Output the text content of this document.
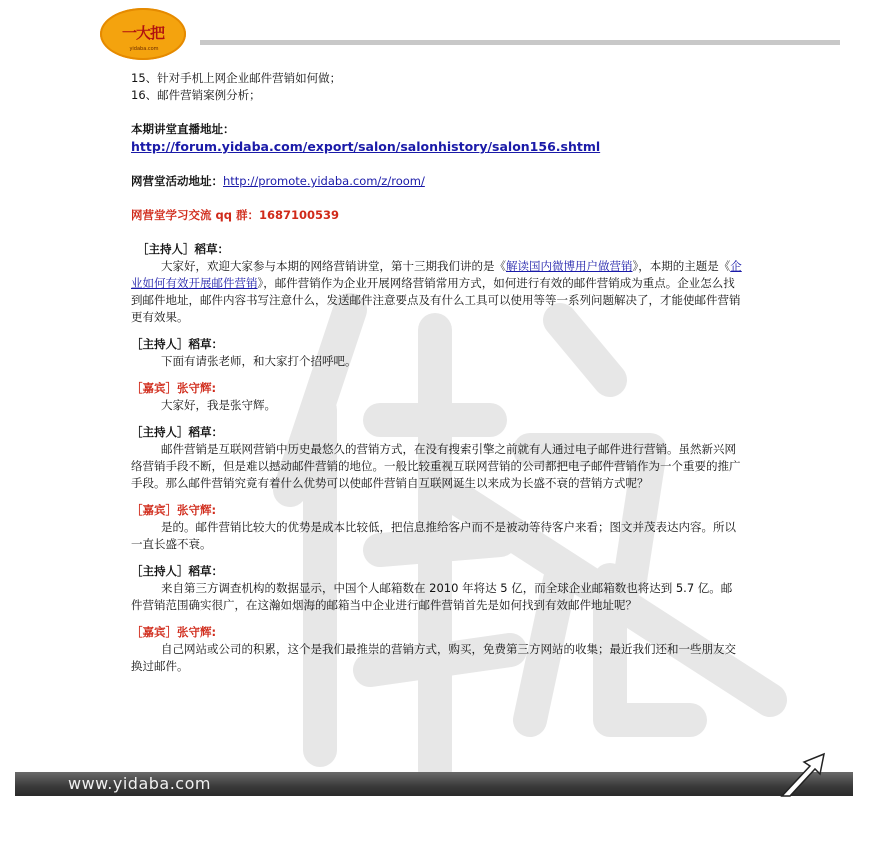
一大把
yidaba.com

15、针对手机上网企业邮件营销如何做；

16、邮件营销案例分析；

本期讲堂直播地址：

http://forum.yidaba.com/export/salon/salonhistory/salon156.shtml

网营堂活动地址：http://promote.yidaba.com/z/room/

网营堂学习交流 qq 群：1687100539

［主持人］稻草：

大家好，欢迎大家参与本期的网络营销讲堂，第十三期我们讲的是《解读国内微博用户做营销》，本期的主题是《企业如何有效开展邮件营销》，邮件营销作为企业开展网络营销常用方式，如何进行有效的邮件营销成为重点。企业怎么找到邮件地址，邮件内容书写注意什么，发送邮件注意要点及有什么工具可以使用等等一系列问题解决了，才能使邮件营销更有效果。

［主持人］稻草：

下面有请张老师，和大家打个招呼吧。

［嘉宾］张守辉:

大家好，我是张守辉。

［主持人］稻草：

邮件营销是互联网营销中历史最悠久的营销方式，在没有搜索引擎之前就有人通过电子邮件进行营销。虽然新兴网络营销手段不断，但是难以撼动邮件营销的地位。一般比较重视互联网营销的公司都把电子邮件营销作为一个重要的推广手段。那么邮件营销究竟有着什么优势可以使邮件营销自互联网诞生以来成为长盛不衰的营销方式呢？

［嘉宾］张守辉:

是的。邮件营销比较大的优势是成本比较低，把信息推给客户而不是被动等待客户来看；图文并茂表达内容。所以一直长盛不衰。

［主持人］稻草：

来自第三方调查机构的数据显示，中国个人邮箱数在 2010 年将达 5 亿，而全球企业邮箱数也将达到 5.7 亿。邮件营销范围确实很广，在这瀚如烟海的邮箱当中企业进行邮件营销首先是如何找到有效邮件地址呢？

［嘉宾］张守辉:

自己网站或公司的积累，这个是我们最推崇的营销方式，购买，免费第三方网站的收集；最近我们还和一些朋友交换过邮件。

www.yidaba.com
